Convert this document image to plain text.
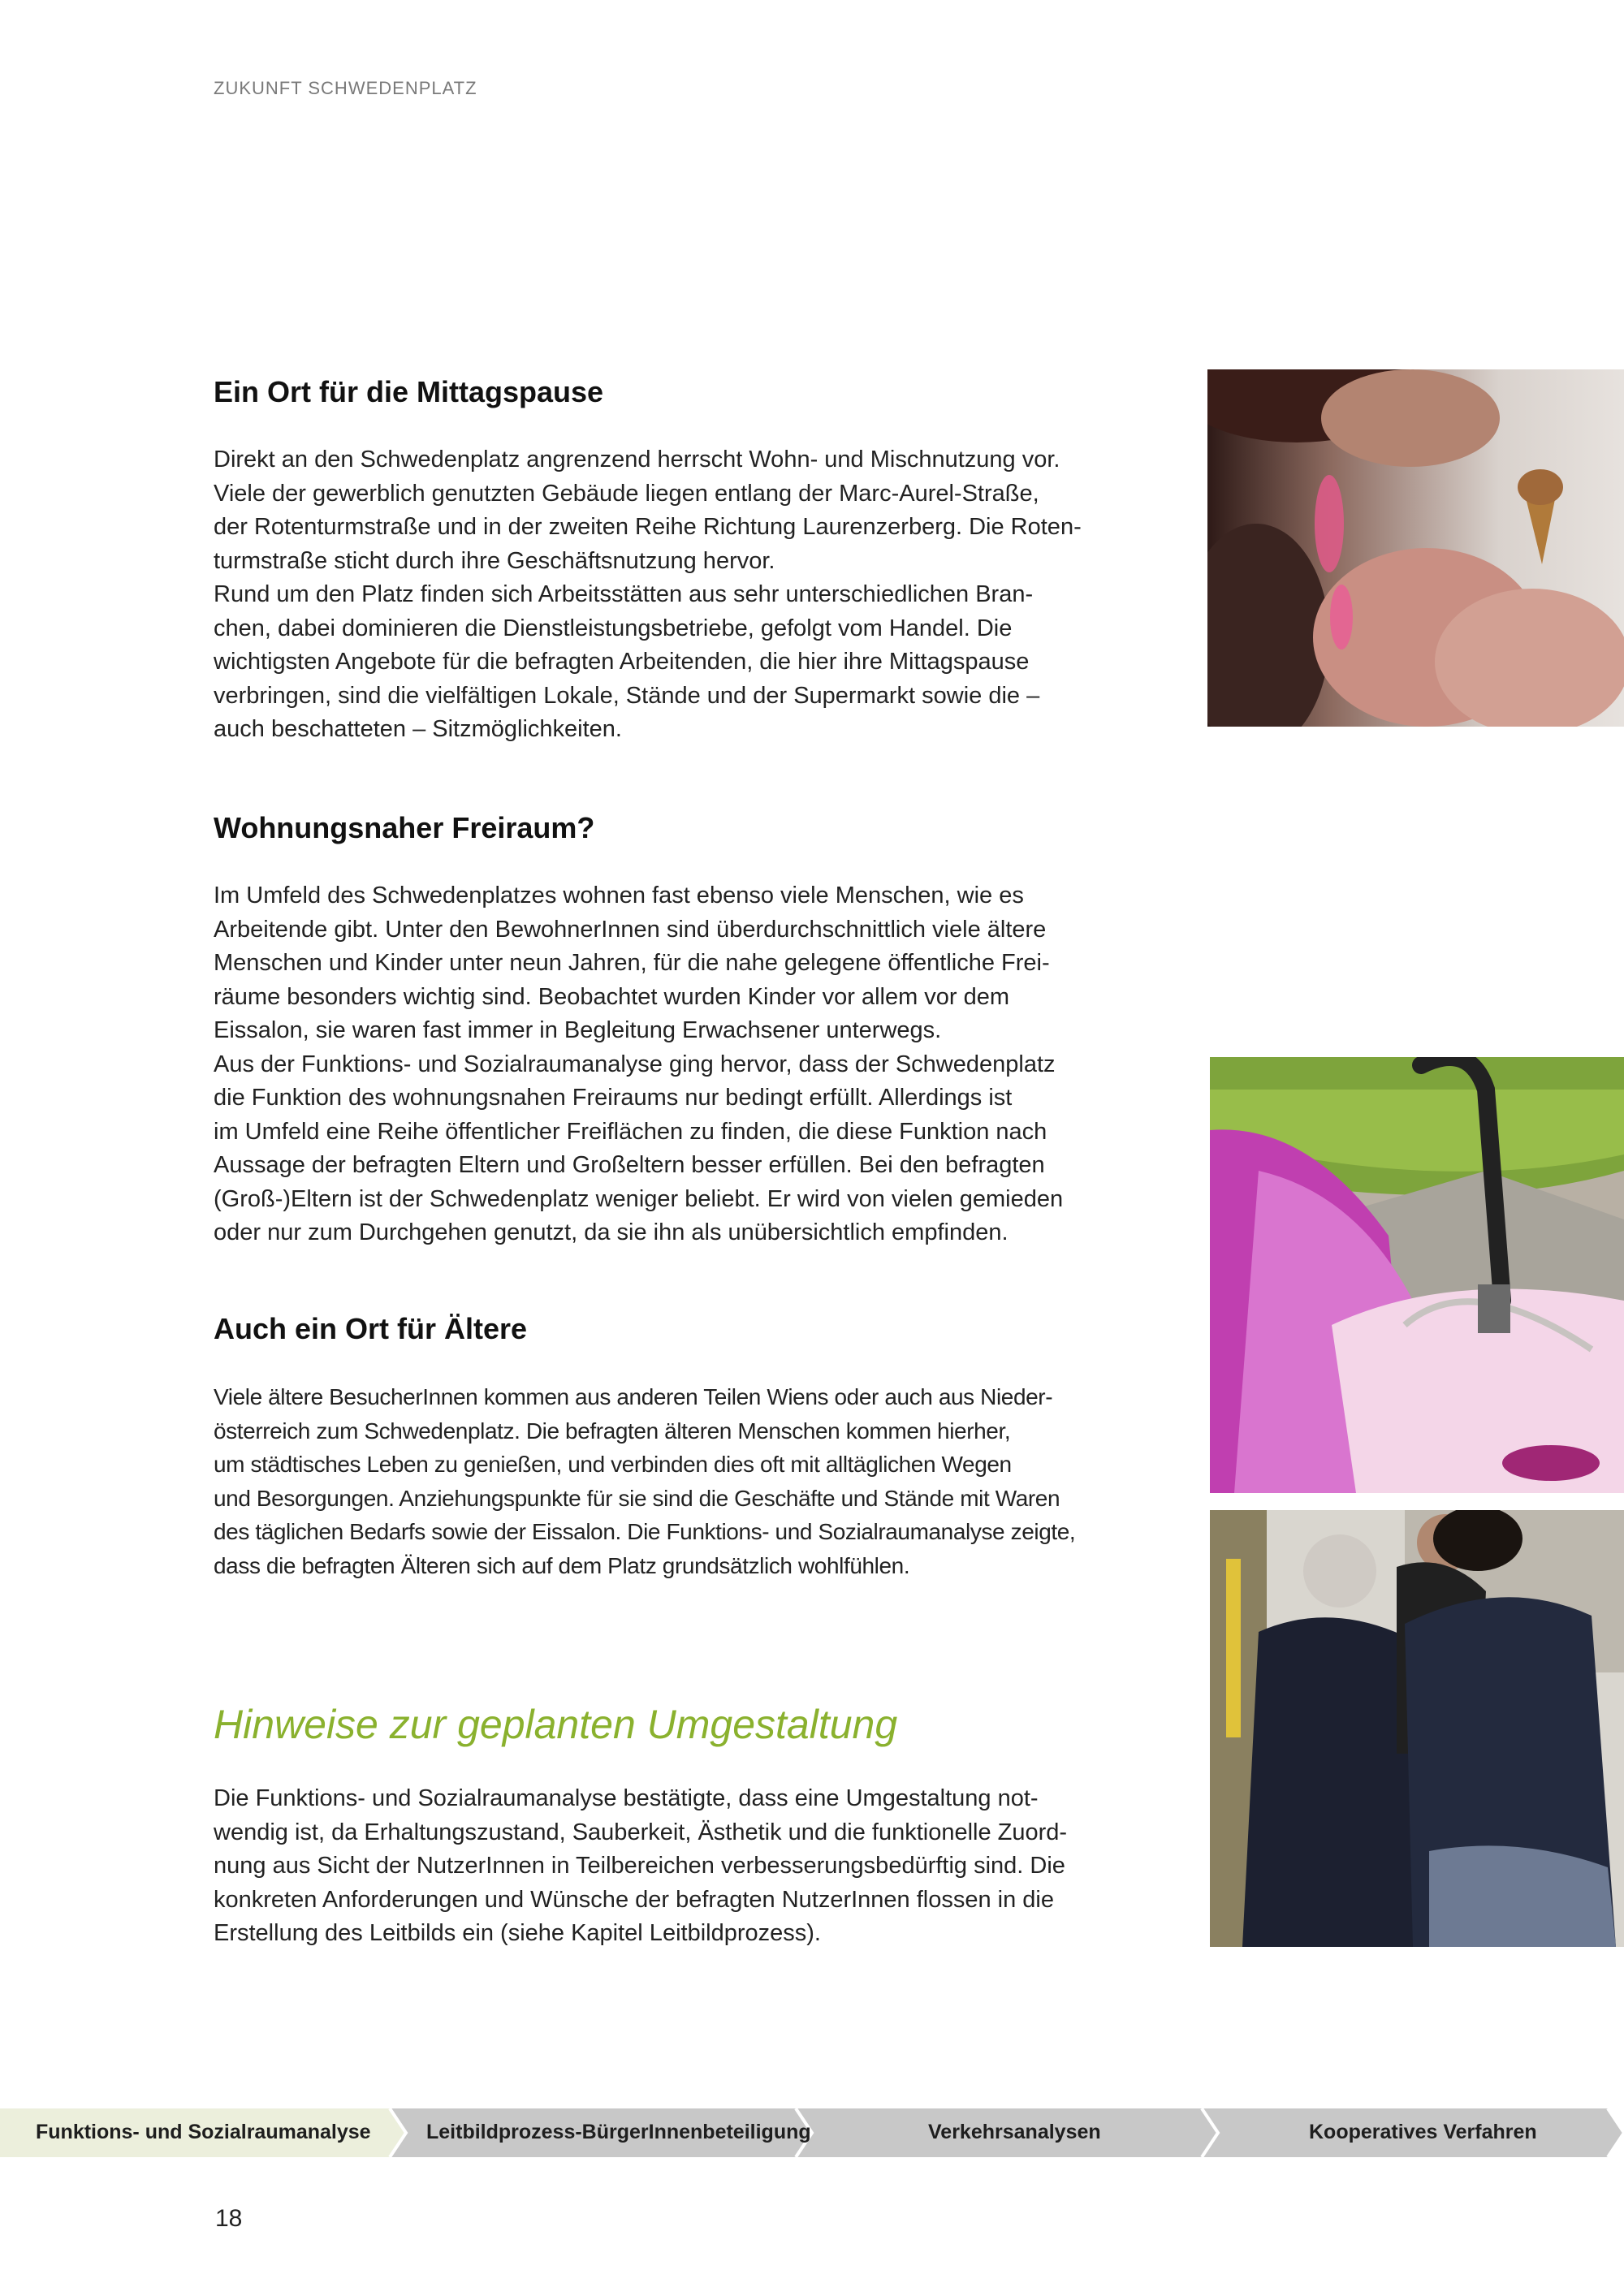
ZUKUNFT SCHWEDENPLATZ
Ein Ort für die Mittagspause

Direkt an den Schwedenplatz angrenzend herrscht Wohn- und Mischnutzung vor.

Viele der gewerblich genutzten Gebäude liegen entlang der Marc-Aurel-Straße,

der Rotenturmstraße und in der zweiten Reihe Richtung Laurenzerberg. Die Roten-

turmstraße sticht durch ihre Geschäftsnutzung hervor.

Rund um den Platz finden sich Arbeitsstätten aus sehr unterschiedlichen Bran-

chen, dabei dominieren die Dienstleistungsbetriebe, gefolgt vom Handel. Die

wichtigsten Angebote für die befragten Arbeitenden, die hier ihre Mittagspause

verbringen, sind die vielfältigen Lokale, Stände und der Supermarkt sowie die –

auch beschatteten – Sitzmöglichkeiten.

Wohnungsnaher Freiraum?

Im Umfeld des Schwedenplatzes wohnen fast ebenso viele Menschen, wie es

Arbeitende gibt. Unter den BewohnerInnen sind überdurchschnittlich viele ältere

Menschen und Kinder unter neun Jahren, für die nahe gelegene öffentliche Frei-

räume besonders wichtig sind. Beobachtet wurden Kinder vor allem vor dem

Eissalon, sie waren fast immer in Begleitung Erwachsener unterwegs.

Aus der Funktions- und Sozialraumanalyse ging hervor, dass der Schwedenplatz

die Funktion des wohnungsnahen Freiraums nur bedingt erfüllt. Allerdings ist

im Umfeld eine Reihe öffentlicher Freiflächen zu finden, die diese Funktion nach

Aussage der befragten Eltern und Großeltern besser erfüllen. Bei den befragten

(Groß-)Eltern ist der Schwedenplatz weniger beliebt. Er wird von vielen gemieden

oder nur zum Durchgehen genutzt, da sie ihn als unübersichtlich empfinden.

Auch ein Ort für Ältere

Viele ältere BesucherInnen kommen aus anderen Teilen Wiens oder auch aus Nieder-

österreich zum Schwedenplatz. Die befragten älteren Menschen kommen hierher,

um städtisches Leben zu genießen, und verbinden dies oft mit alltäglichen Wegen

und Besorgungen. Anziehungspunkte für sie sind die Geschäfte und Stände mit Waren

des täglichen Bedarfs sowie der Eissalon. Die Funktions- und Sozialraumanalyse zeigte,

dass die befragten Älteren sich auf dem Platz grundsätzlich wohlfühlen.

Hinweise zur geplanten Umgestaltung

Die Funktions- und Sozialraumanalyse bestätigte, dass eine Umgestaltung not-

wendig ist, da Erhaltungszustand, Sauberkeit, Ästhetik und die funktionelle Zuord-

nung aus Sicht der NutzerInnen in Teilbereichen verbesserungsbedürftig sind. Die

konkreten Anforderungen und Wünsche der befragten NutzerInnen flossen in die

Erstellung des Leitbilds ein (siehe Kapitel Leitbildprozess).

Funktions- und Sozialraumanalyse	Leitbildprozess-BürgerInnenbeteiligung	Verkehrsanalysen	Kooperatives Verfahren
18
